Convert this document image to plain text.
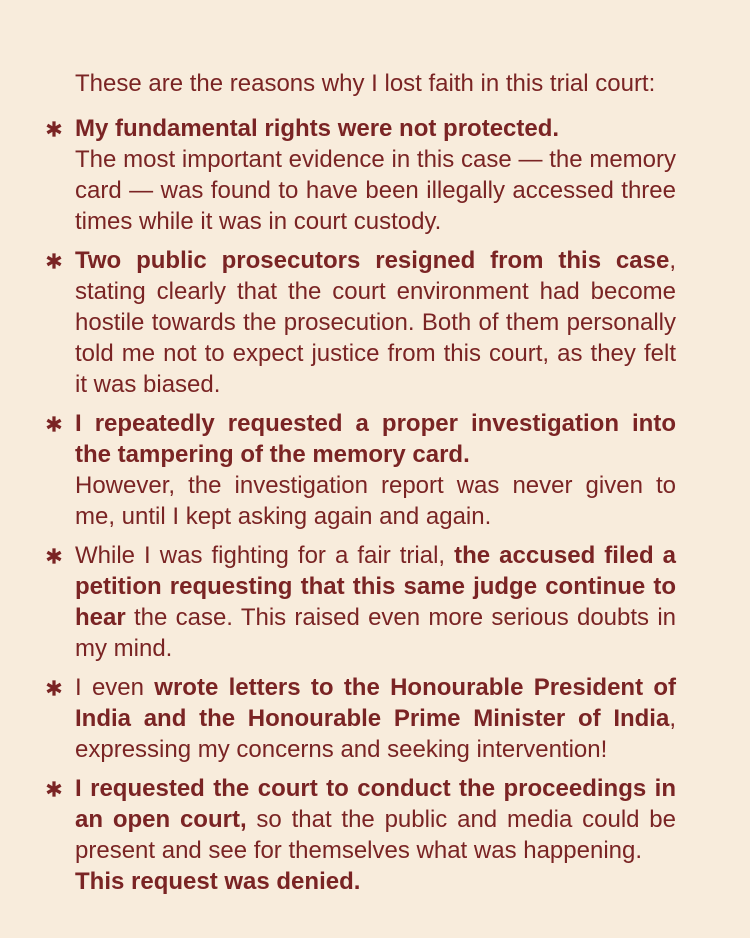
These are the reasons why I lost faith in this trial court:

My fundamental rights were not protected.
The most important evidence in this case — the memory card — was found to have been illegally accessed three times while it was in court custody.
Two public prosecutors resigned from this case, stating clearly that the court environment had become hostile towards the prosecution. Both of them personally told me not to expect justice from this court, as they felt it was biased.
I repeatedly requested a proper investigation into the tampering of the memory card.
However, the investigation report was never given to me, until I kept asking again and again.
While I was fighting for a fair trial, the accused filed a petition requesting that this same judge continue to hear the case. This raised even more serious doubts in my mind.
I even wrote letters to the Honourable President of India and the Honourable Prime Minister of India, expressing my concerns and seeking intervention!
I requested the court to conduct the proceedings in an open court, so that the public and media could be present and see for themselves what was happening.
This request was denied.
